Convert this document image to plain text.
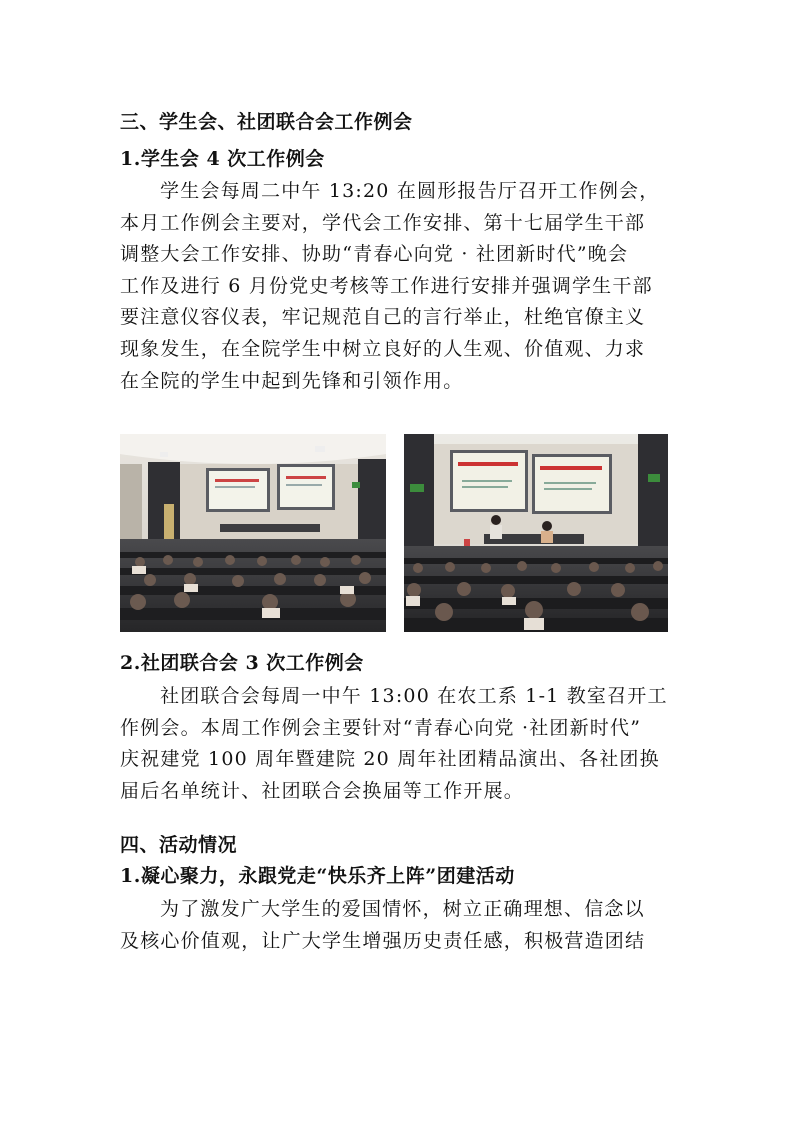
三、学生会、社团联合会工作例会
1.学生会 4 次工作例会
学生会每周二中午 13:20 在圆形报告厅召开工作例会，
本月工作例会主要对，学代会工作安排、第十七届学生干部
调整大会工作安排、协助“青春心向党 · 社团新时代”晚会
工作及进行 6 月份党史考核等工作进行安排并强调学生干部
要注意仪容仪表，牢记规范自己的言行举止，杜绝官僚主义
现象发生，在全院学生中树立良好的人生观、价值观、力求
在全院的学生中起到先锋和引领作用。
2.社团联合会 3 次工作例会
社团联合会每周一中午 13:00 在农工系 1-1 教室召开工
作例会。本周工作例会主要针对“青春心向党 ·社团新时代”
庆祝建党 100 周年暨建院 20 周年社团精品演出、各社团换
届后名单统计、社团联合会换届等工作开展。
四、活动情况
1.凝心聚力，永跟党走“快乐齐上阵”团建活动
为了激发广大学生的爱国情怀，树立正确理想、信念以
及核心价值观，让广大学生增强历史责任感，积极营造团结
